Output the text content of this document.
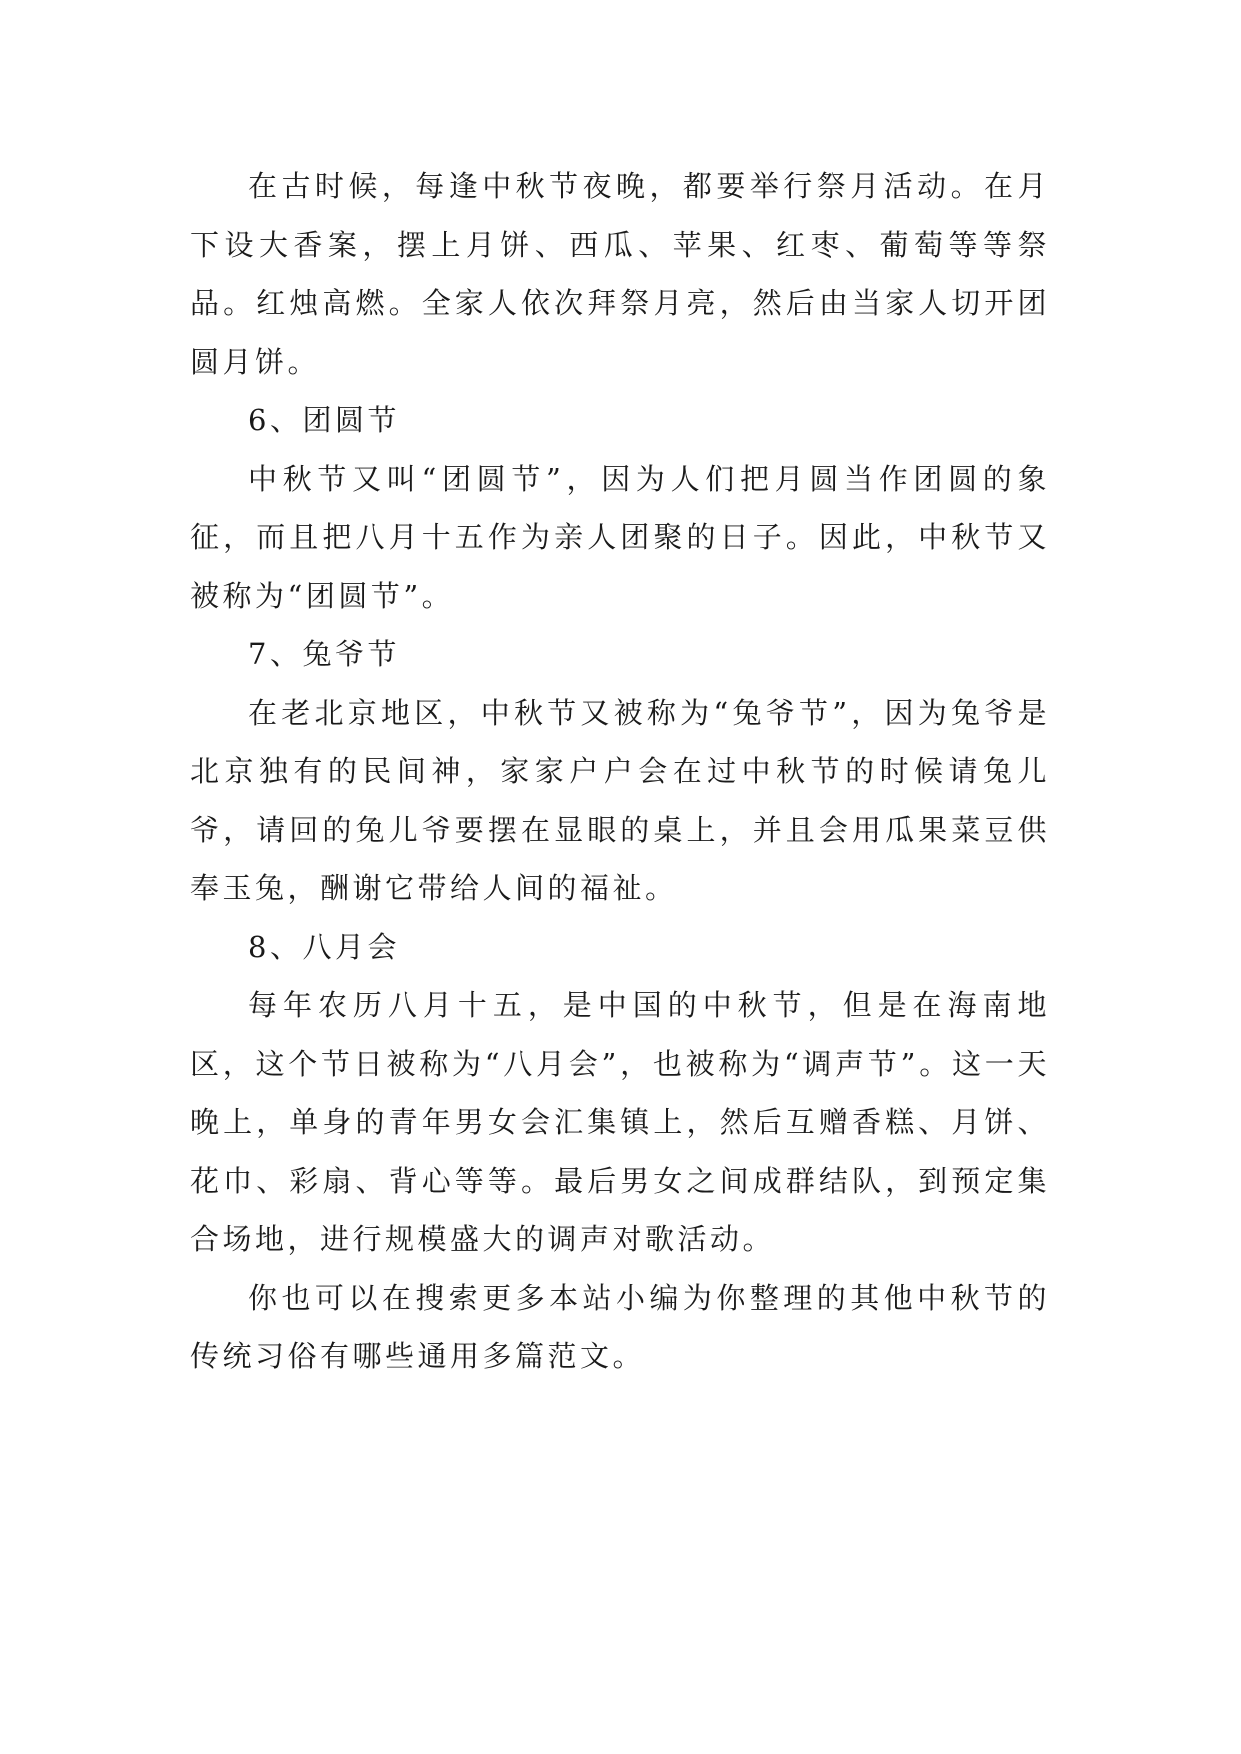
在古时候，每逢中秋节夜晚，都要举行祭月活动。在月下设大香案，摆上月饼、西瓜、苹果、红枣、葡萄等等祭品。红烛高燃。全家人依次拜祭月亮，然后由当家人切开团圆月饼。

6、团圆节

中秋节又叫“团圆节”，因为人们把月圆当作团圆的象征，而且把八月十五作为亲人团聚的日子。因此，中秋节又被称为“团圆节”。

7、兔爷节

在老北京地区，中秋节又被称为“兔爷节”，因为兔爷是北京独有的民间神，家家户户会在过中秋节的时候请兔儿爷，请回的兔儿爷要摆在显眼的桌上，并且会用瓜果菜豆供奉玉兔，酬谢它带给人间的福祉。

8、八月会

每年农历八月十五，是中国的中秋节，但是在海南地区，这个节日被称为“八月会”，也被称为“调声节”。这一天晚上，单身的青年男女会汇集镇上，然后互赠香糕、月饼、花巾、彩扇、背心等等。最后男女之间成群结队，到预定集合场地，进行规模盛大的调声对歌活动。

你也可以在搜索更多本站小编为你整理的其他中秋节的传统习俗有哪些通用多篇范文。
